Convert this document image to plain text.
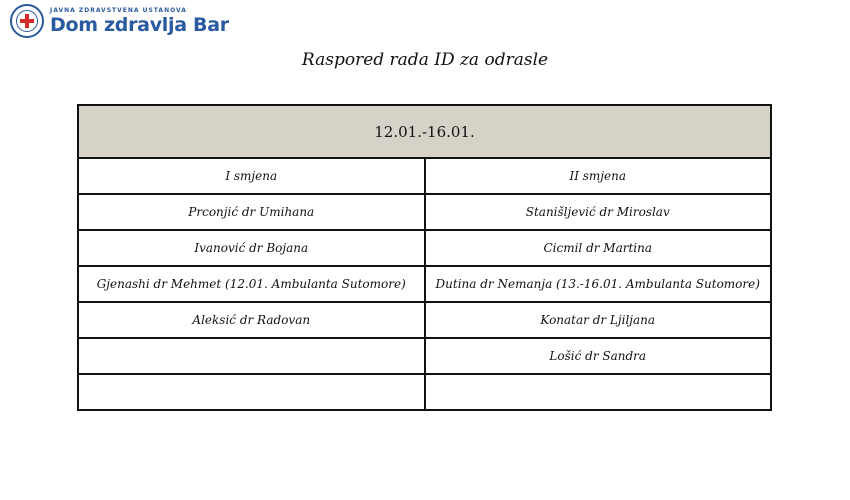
JAVNA ZDRAVSTVENA USTANOVA
Dom zdravlja Bar
Raspored rada ID za odrasle
12.01.-16.01.	
I smjena	II smjena
Prconjić dr Umihana	Stanišljević dr Miroslav
Ivanović dr Bojana	Cicmil dr Martina
Gjenashi dr Mehmet (12.01. Ambulanta Sutomore)	Dutina dr Nemanja (13.-16.01. Ambulanta Sutomore)
Aleksić dr Radovan	Konatar dr Ljiljana
	Lošić dr Sandra
